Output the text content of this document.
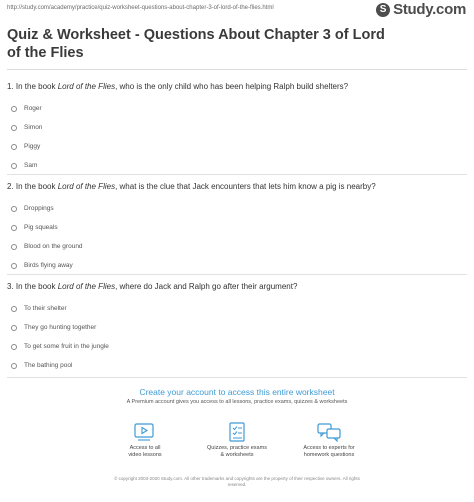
http://study.com/academy/practice/quiz-worksheet-questions-about-chapter-3-of-lord-of-the-flies.html	S Study.com
Quiz & Worksheet - Questions About Chapter 3 of Lord of the Flies

1. In the book Lord of the Flies, who is the only child who has been helping Ralph build shelters?

Roger
Simon
Piggy
Sam

2. In the book Lord of the Flies, what is the clue that Jack encounters that lets him know a pig is nearby?

Droppings
Pig squeals
Blood on the ground
Birds flying away

3. In the book Lord of the Flies, where do Jack and Ralph go after their argument?

To their shelter
They go hunting together
To get some fruit in the jungle
The bathing pool
Create your account to access this entire worksheet
A Premium account gives you access to all lessons, practice exams, quizzes & worksheets
Access to all
video lessons
Quizzes, practice exams
& worksheets
Access to experts for
homework questions
© copyright 2003-2020 Study.com. All other trademarks and copyrights are the property of their respective owners. All rights
reserved.
